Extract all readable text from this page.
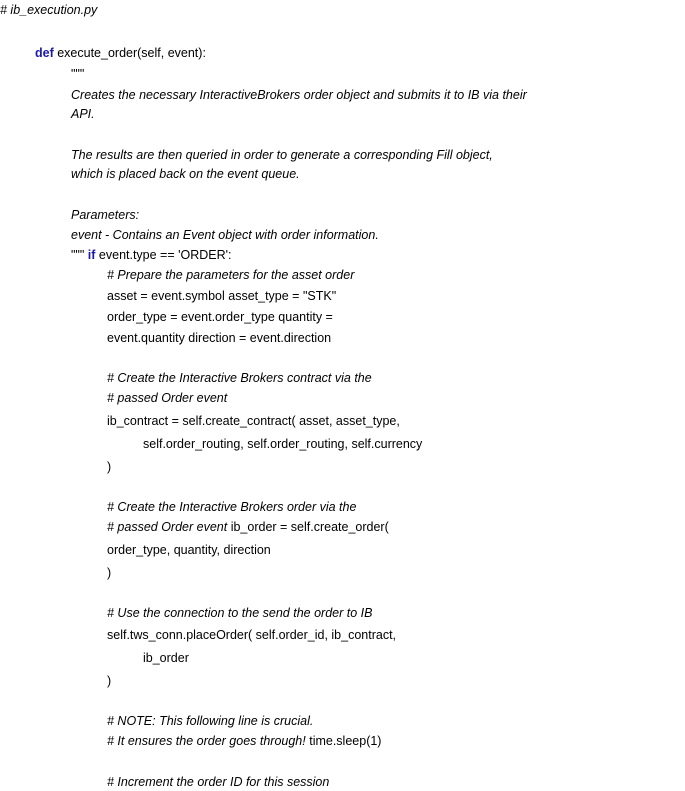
# ib_execution.py
def execute_order(self, event):
"""
Creates the necessary InteractiveBrokers order object and submits it to IB via their
API.
The results are then queried in order to generate a corresponding Fill object,
which is placed back on the event queue.
Parameters:
event - Contains an Event object with order information.
""" if event.type == 'ORDER':
# Prepare the parameters for the asset order
asset = event.symbol asset_type = "STK"
order_type = event.order_type quantity =
event.quantity direction = event.direction
# Create the Interactive Brokers contract via the
# passed Order event
ib_contract = self.create_contract( asset, asset_type,
self.order_routing, self.order_routing, self.currency
)
# Create the Interactive Brokers order via the
# passed Order event ib_order = self.create_order(
order_type, quantity, direction
)
# Use the connection to the send the order to IB
self.tws_conn.placeOrder( self.order_id, ib_contract,
ib_order
)
# NOTE: This following line is crucial.
# It ensures the order goes through! time.sleep(1)
# Increment the order ID for this session
